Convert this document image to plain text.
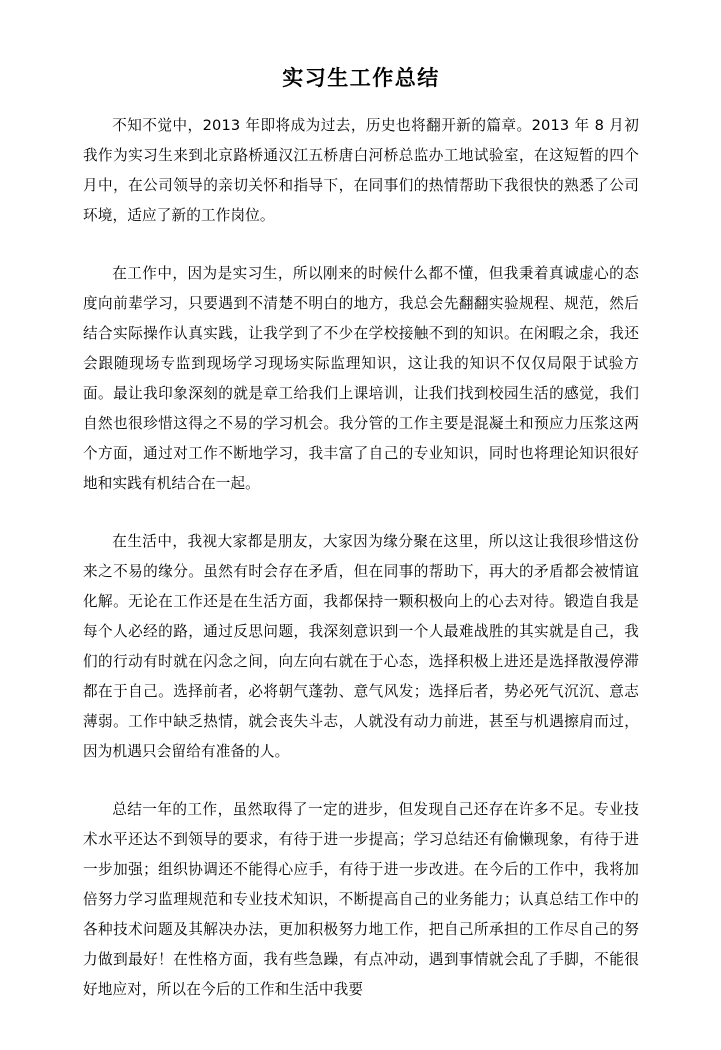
实习生工作总结

不知不觉中，2013 年即将成为过去，历史也将翻开新的篇章。2013 年 8 月初我作为实习生来到北京路桥通汉江五桥唐白河桥总监办工地试验室，在这短暂的四个月中，在公司领导的亲切关怀和指导下，在同事们的热情帮助下我很快的熟悉了公司环境，适应了新的工作岗位。

在工作中，因为是实习生，所以刚来的时候什么都不懂，但我秉着真诚虚心的态度向前辈学习，只要遇到不清楚不明白的地方，我总会先翻翻实验规程、规范，然后结合实际操作认真实践，让我学到了不少在学校接触不到的知识。在闲暇之余，我还会跟随现场专监到现场学习现场实际监理知识，这让我的知识不仅仅局限于试验方面。最让我印象深刻的就是章工给我们上课培训，让我们找到校园生活的感觉，我们自然也很珍惜这得之不易的学习机会。我分管的工作主要是混凝土和预应力压浆这两个方面，通过对工作不断地学习，我丰富了自己的专业知识，同时也将理论知识很好地和实践有机结合在一起。

在生活中，我视大家都是朋友，大家因为缘分聚在这里，所以这让我很珍惜这份来之不易的缘分。虽然有时会存在矛盾，但在同事的帮助下，再大的矛盾都会被情谊化解。无论在工作还是在生活方面，我都保持一颗积极向上的心去对待。锻造自我是每个人必经的路，通过反思问题，我深刻意识到一个人最难战胜的其实就是自己，我们的行动有时就在闪念之间，向左向右就在于心态，选择积极上进还是选择散漫停滞都在于自己。选择前者，必将朝气蓬勃、意气风发；选择后者，势必死气沉沉、意志薄弱。工作中缺乏热情，就会丧失斗志，人就没有动力前进，甚至与机遇擦肩而过，因为机遇只会留给有准备的人。

总结一年的工作，虽然取得了一定的进步，但发现自己还存在许多不足。专业技术水平还达不到领导的要求，有待于进一步提高；学习总结还有偷懒现象，有待于进一步加强；组织协调还不能得心应手，有待于进一步改进。在今后的工作中，我将加倍努力学习监理规范和专业技术知识，不断提高自己的业务能力；认真总结工作中的各种技术问题及其解决办法，更加积极努力地工作，把自己所承担的工作尽自己的努力做到最好！在性格方面，我有些急躁，有点冲动，遇到事情就会乱了手脚，不能很好地应对，所以在今后的工作和生活中我要
